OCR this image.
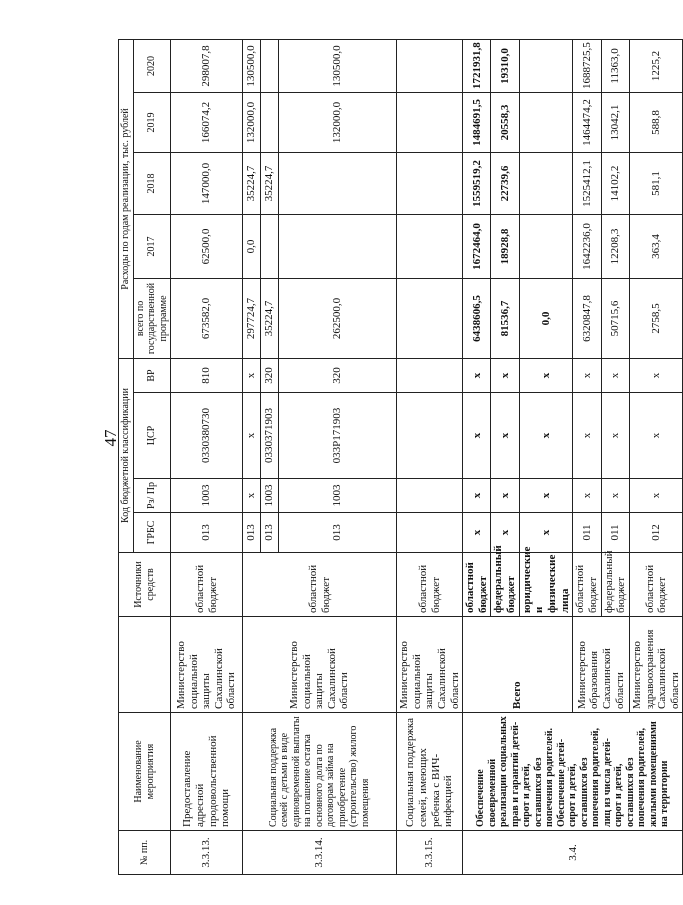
47
№ пп.	Наименование мероприятия		Источники средств	Код бюджетной классификации				Расходы по годам реализации, тыс. рублей				
				ГРБС	Рз/ Пр	ЦСР	ВР	всего по государственной программе	2017	2018	2019	2020
3.3.13.	Предоставление адресной продовольственной помощи	Министерство социальной защиты Сахалинской области	областной бюджет	013	1003	0330380730	810	673582,0	62500,0	147000,0	166074,2	298007,8
3.3.14.	Социальная поддержка семей с детьми в виде единовременной выплаты на погашение остатка основного долга по договорам займа на приобретение (строительство) жилого помещения	Министерство социальной защиты Сахалинской области	областной бюджет	013	х	х	х	297724,7	0,0	35224,7	132000,0	130500,0
				013	1003	0330371903	320	35224,7		35224,7		
				013	1003	033P171903	320	262500,0			132000,0	130500,0
3.3.15.	Социальная поддержка семей, имеющих ребенка с ВИЧ-инфекцией	Министерство социальной защиты Сахалинской области	областной бюджет									
3.4.	Обеспечение своевременной реализации социальных прав и гарантий детей-сирот и детей, оставшихся без попечения родителей. Обеспечение детей-сирот и детей, оставшихся без попечения родителей, лиц из числа детей-сирот и детей, оставшихся без попечения родителей, жилыми помещениями на территории	Всего	областной бюджет	х	х	х	х	6438606,5	1672464,0	1559519,2	1484691,5	1721931,8
			федеральный бюджет	х	х	х	х	81536,7	18928,8	22739,6	20558,3	19310,0
			юридические и физические лица	х	х	х	х	0,0				
		Министерство образования Сахалинской области	областной бюджет	011	х	х	х	6320847,8	1642236,0	1525412,1	1464474,2	1688725,5
			федеральный бюджет	011	х	х	х	50715,6	12208,3	14102,2	13042,1	11363,0
		Министерство здравоохранения Сахалинской области	областной бюджет	012	х	х	х	2758,5	363,4	581,1	588,8	1225,2
